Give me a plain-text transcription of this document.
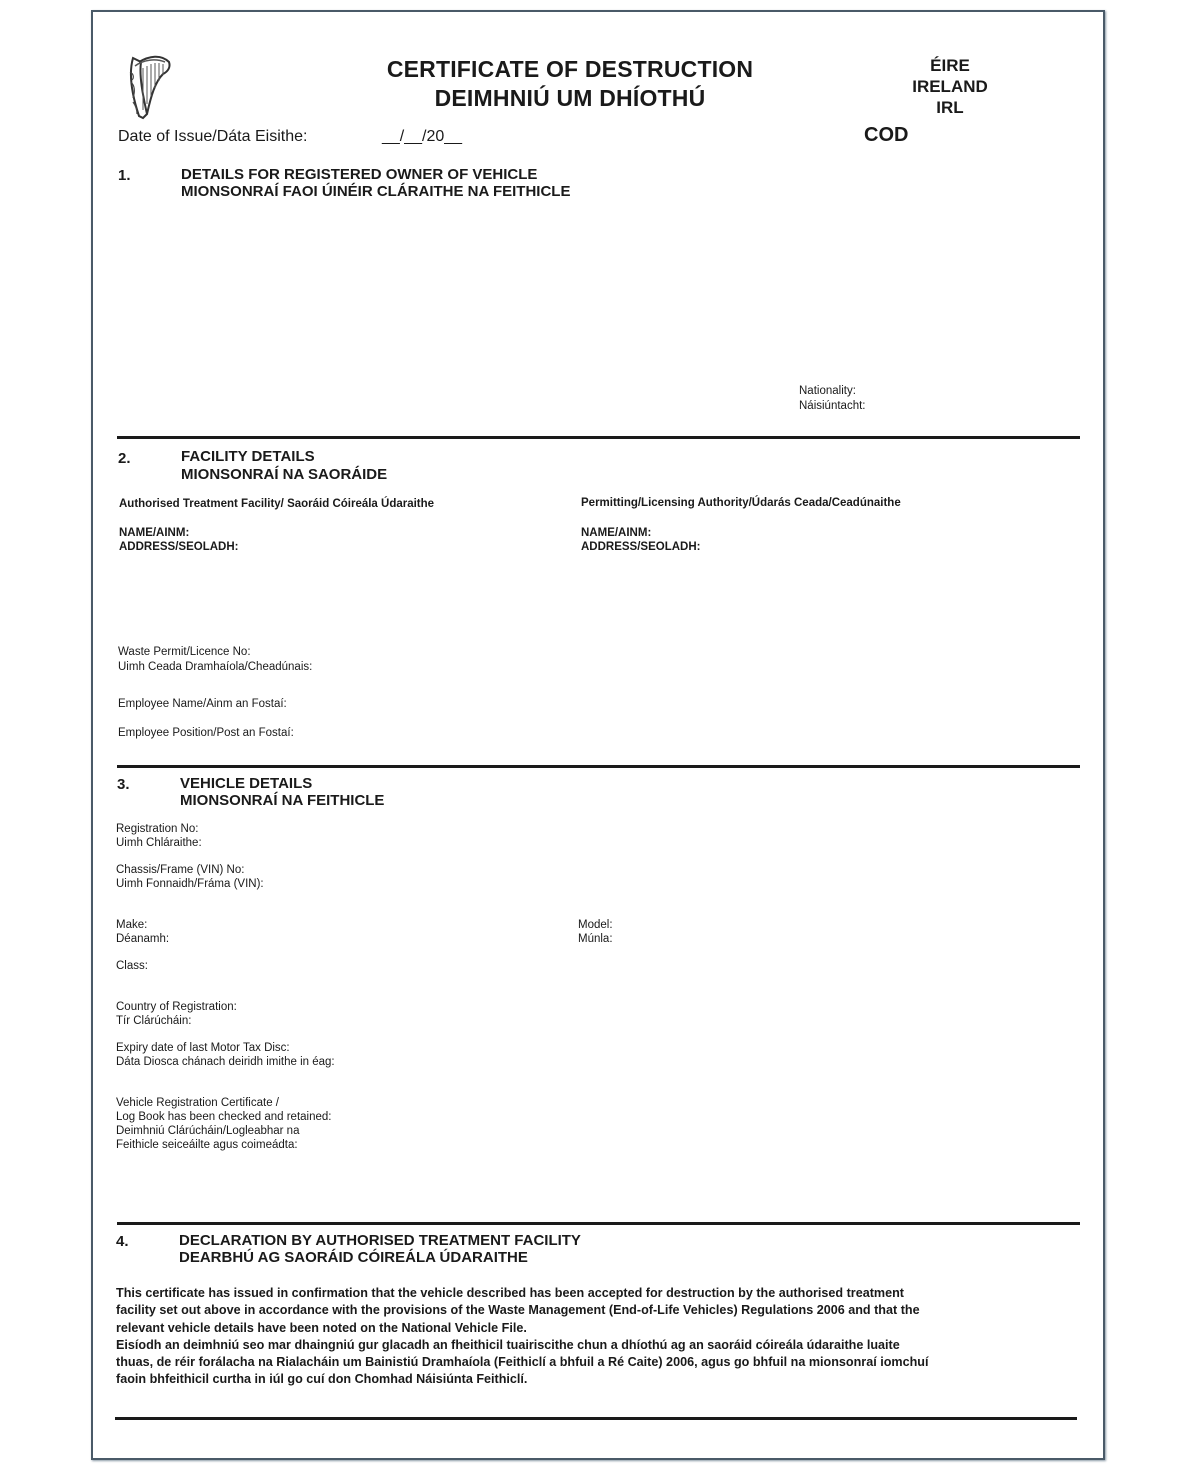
CERTIFICATE OF DESTRUCTION
DEIMHNIÚ UM DHÍOTHÚ
ÉIRE
IRELAND
IRL
COD
Date of Issue/Dáta Eisithe:	__/__/20__
1.	DETAILS FOR REGISTERED OWNER OF VEHICLE
MIONSONRAÍ FAOI ÚINÉIR CLÁRAITHE NA FEITHICLE
Nationality:
Náisiúntacht:
2.	FACILITY DETAILS
MIONSONRAÍ NA SAORÁIDE
Authorised Treatment Facility/ Saoráid Cóireála Údaraithe	Permitting/Licensing Authority/Údarás Ceada/Ceadúnaithe
NAME/AINM:
ADDRESS/SEOLADH:
NAME/AINM:
ADDRESS/SEOLADH:
Waste Permit/Licence No:
Uimh Ceada Dramhaíola/Cheadúnais:
Employee Name/Ainm an Fostaí:
Employee Position/Post an Fostaí:
3.	VEHICLE DETAILS
MIONSONRAÍ NA FEITHICLE
Registration No:
Uimh Chláraithe:
Chassis/Frame (VIN) No:
Uimh Fonnaidh/Fráma (VIN):
Make:
Déanamh:
Model:
Múnla:
Class:
Country of Registration:
Tír Clárúcháin:
Expiry date of last Motor Tax Disc:
Dáta Diosca chánach deiridh imithe in éag:
Vehicle Registration Certificate /
Log Book has been checked and retained:
Deimhniú Clárúcháin/Logleabhar na
Feithicle seiceáilte agus coimeádta:
4.	DECLARATION BY AUTHORISED TREATMENT FACILITY
DEARBHÚ AG SAORÁID CÓIREÁLA ÚDARAITHE
This certificate has issued in confirmation that the vehicle described has been accepted for destruction by the authorised treatment
facility set out above in accordance with the provisions of the Waste Management (End-of-Life Vehicles) Regulations 2006 and that the
relevant vehicle details have been noted on the National Vehicle File.
Eisíodh an deimhniú seo mar dhaingniú gur glacadh an fheithicil tuairiscithe chun a dhíothú ag an saoráid cóireála údaraithe luaite
thuas, de réir forálacha na Rialacháin um Bainistiú Dramhaíola (Feithiclí a bhfuil a Ré Caite) 2006, agus go bhfuil na mionsonraí iomchuí
faoin bhfeithicil curtha in iúl go cuí don Chomhad Náisiúnta Feithiclí.
